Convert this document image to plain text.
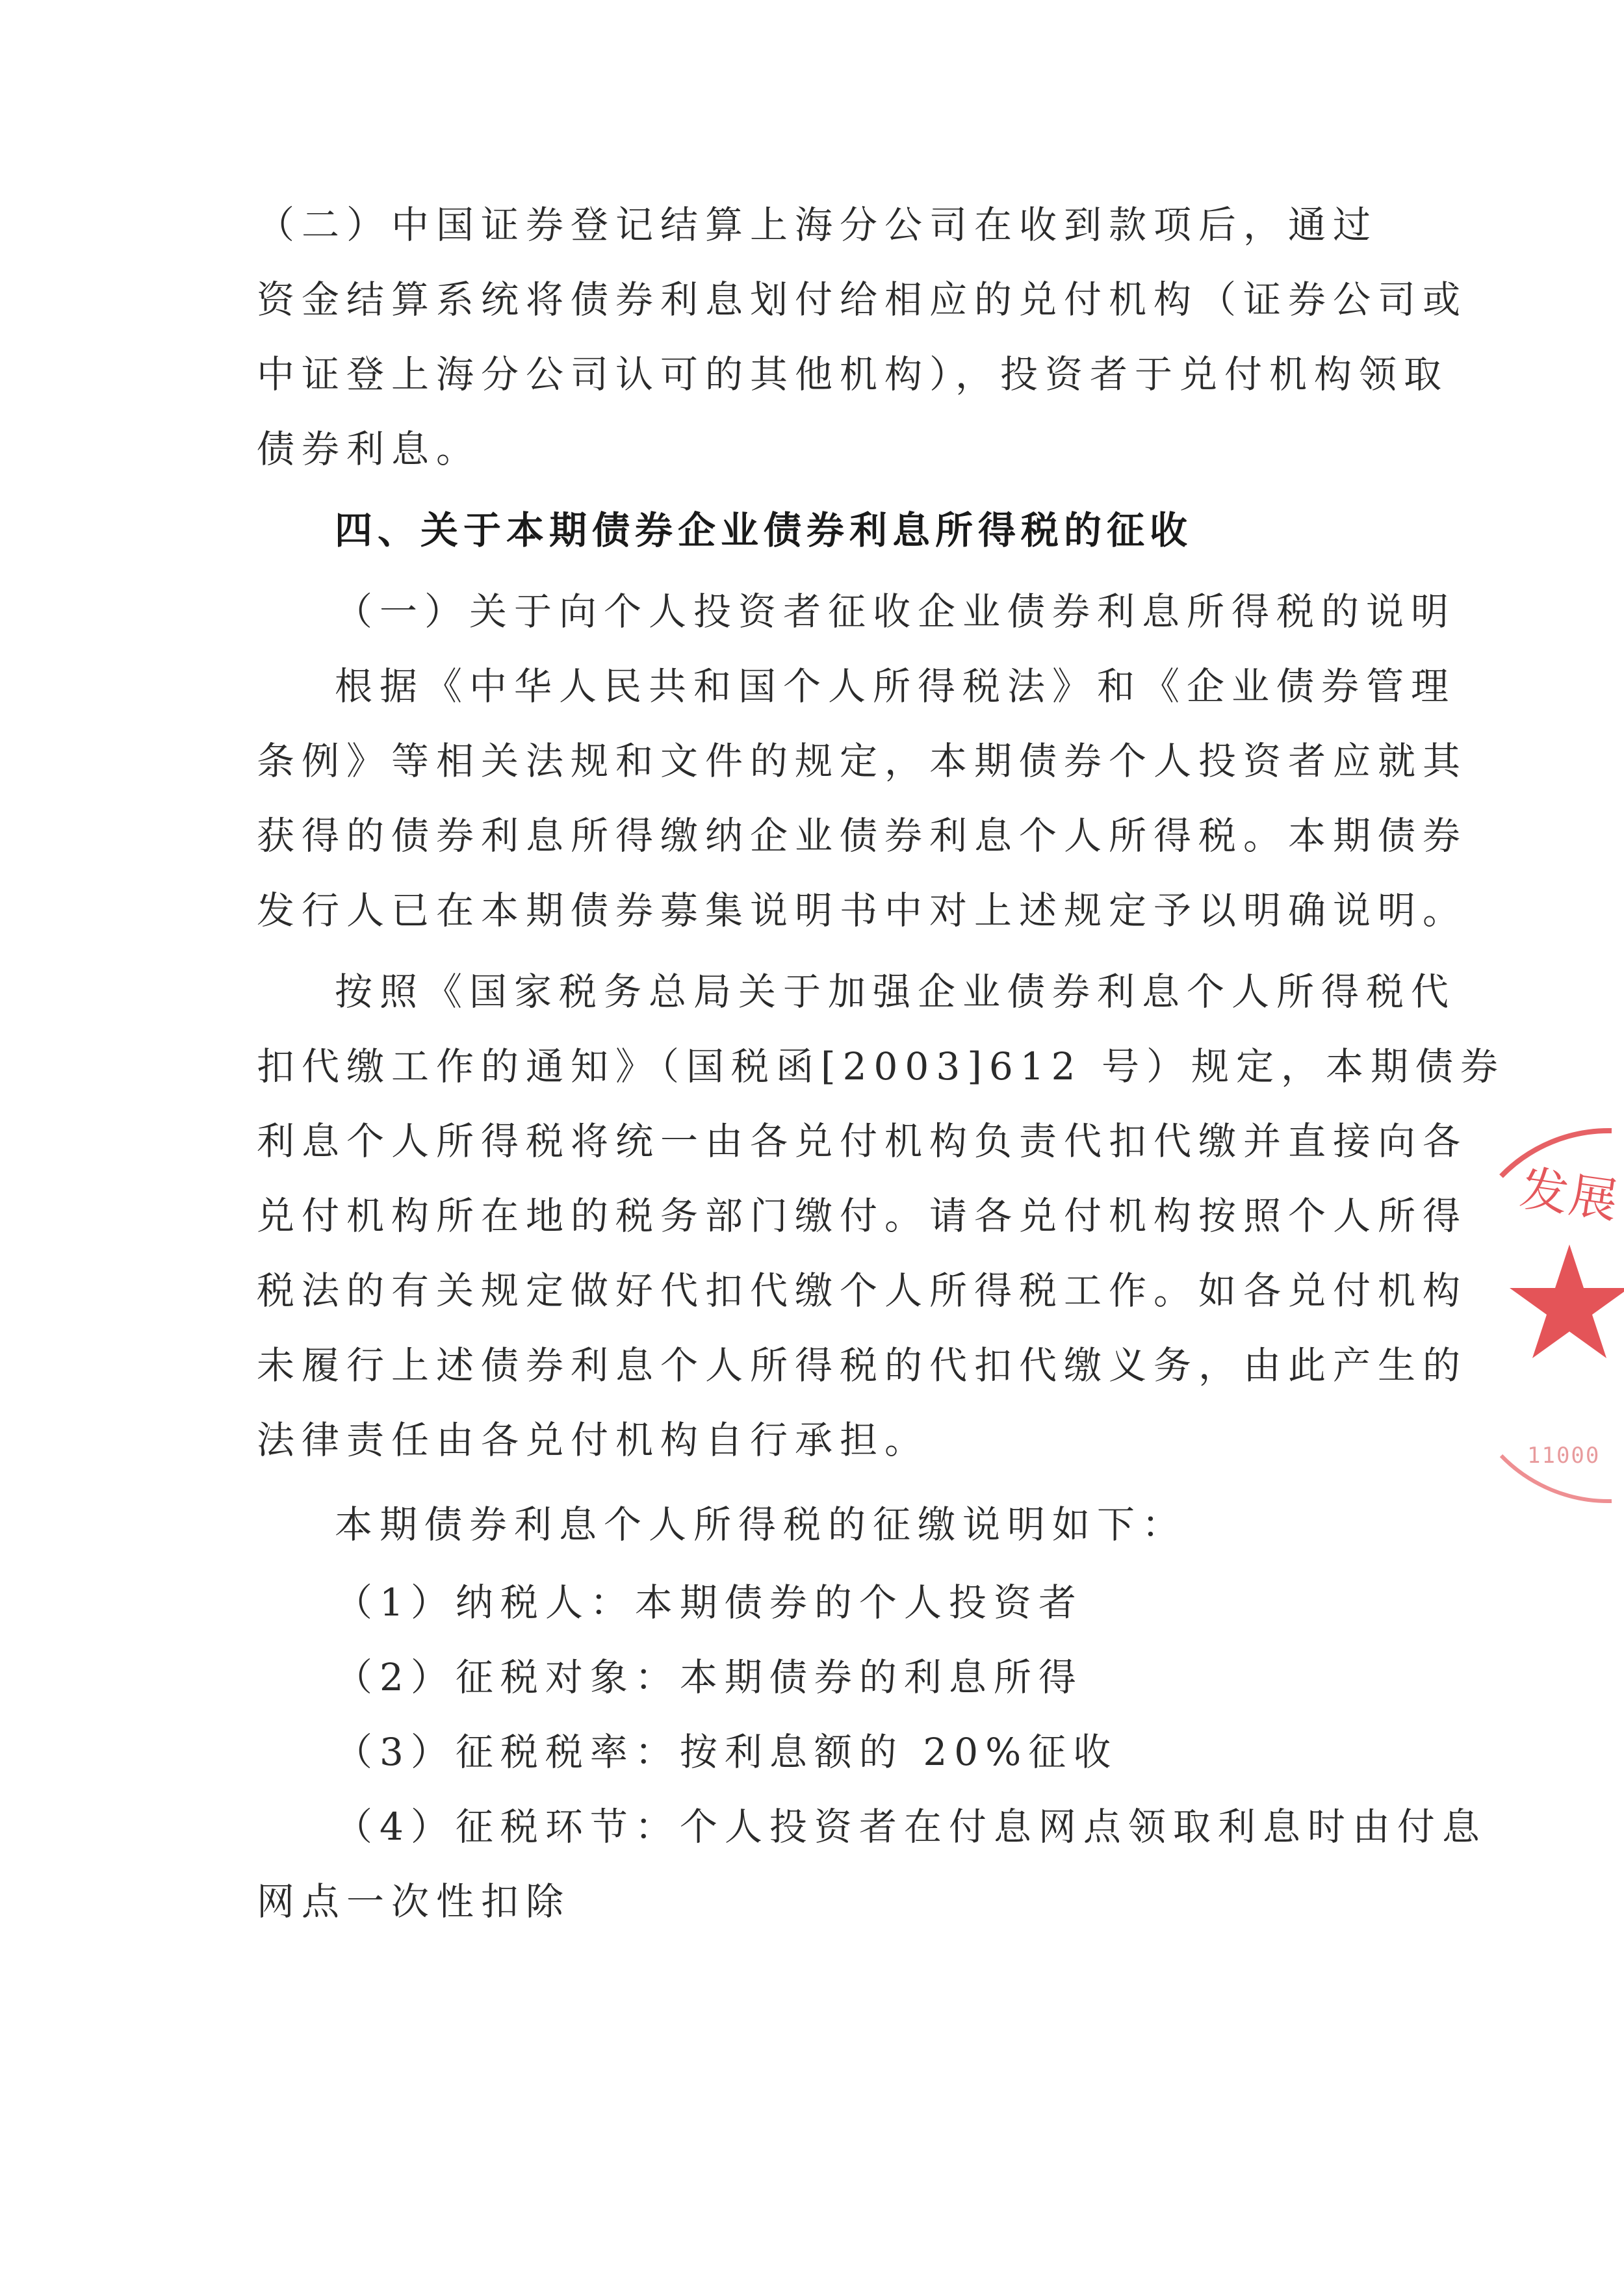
（二）中国证券登记结算上海分公司在收到款项后，通过
资金结算系统将债券利息划付给相应的兑付机构（证券公司或
中证登上海分公司认可的其他机构），投资者于兑付机构领取
债券利息。
四、关于本期债券企业债券利息所得税的征收
（一）关于向个人投资者征收企业债券利息所得税的说明
根据《中华人民共和国个人所得税法》和《企业债券管理
条例》等相关法规和文件的规定，本期债券个人投资者应就其
获得的债券利息所得缴纳企业债券利息个人所得税。本期债券
发行人已在本期债券募集说明书中对上述规定予以明确说明。
按照《国家税务总局关于加强企业债券利息个人所得税代
扣代缴工作的通知》（国税函[2003]612 号）规定，本期债券
利息个人所得税将统一由各兑付机构负责代扣代缴并直接向各
兑付机构所在地的税务部门缴付。请各兑付机构按照个人所得
税法的有关规定做好代扣代缴个人所得税工作。如各兑付机构
未履行上述债券利息个人所得税的代扣代缴义务，由此产生的
法律责任由各兑付机构自行承担。
本期债券利息个人所得税的征缴说明如下：
（1）纳税人：本期债券的个人投资者
（2）征税对象：本期债券的利息所得
（3）征税税率：按利息额的 20%征收
（4）征税环节：个人投资者在付息网点领取利息时由付息
网点一次性扣除
发展
11000
